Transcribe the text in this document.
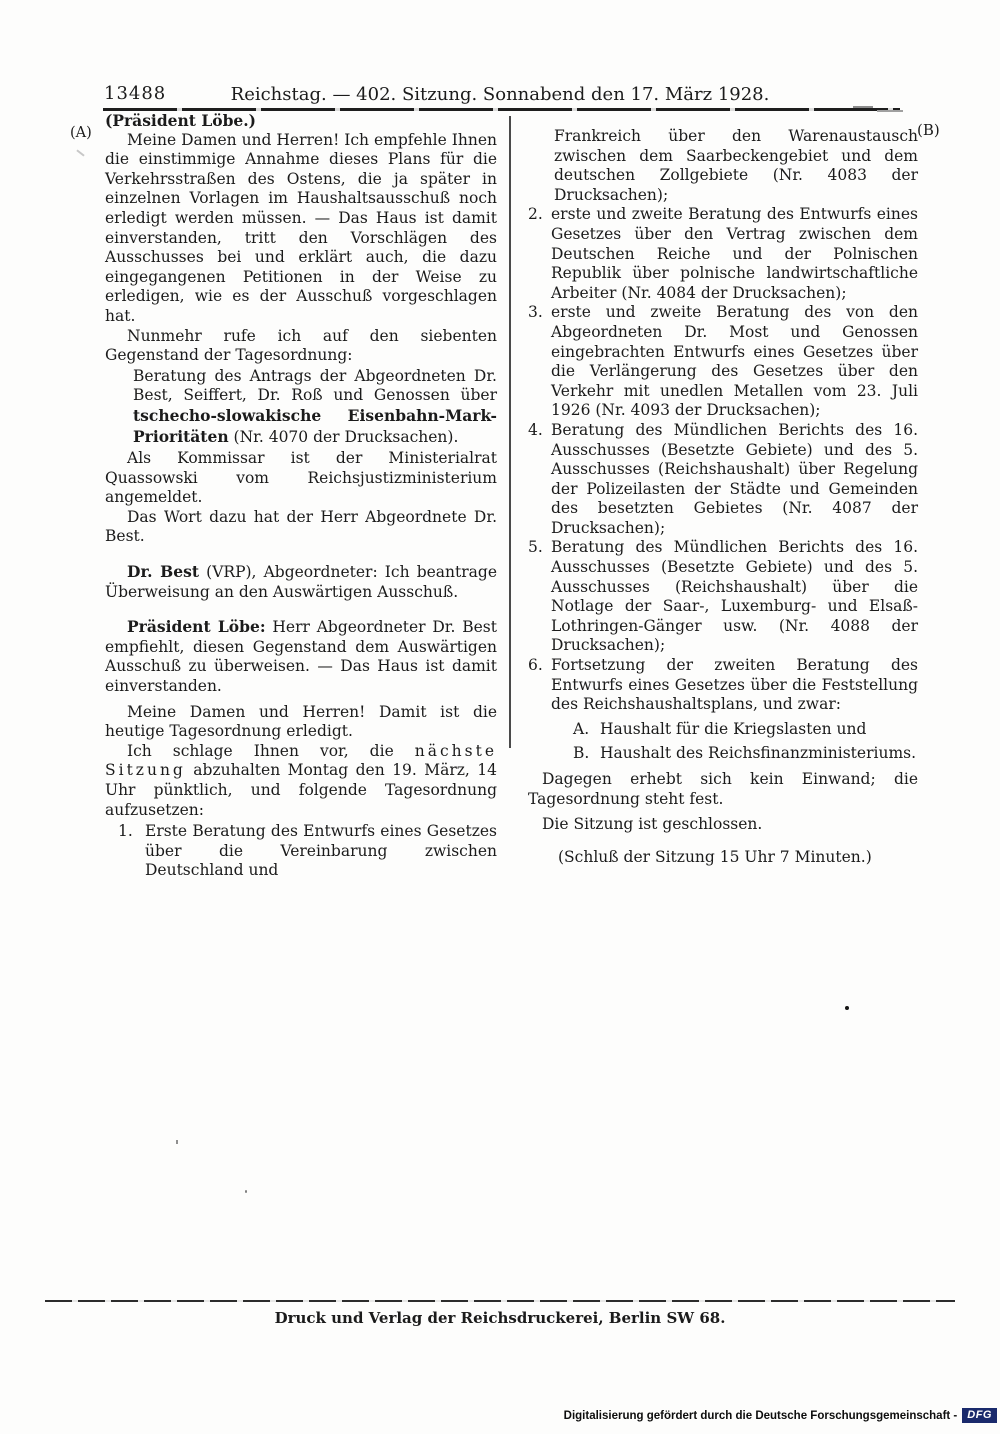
13488	Reichstag. — 402. Sitzung. Sonnabend den 17. März 1928.
(A)	(B)

(Präsident Löbe.)

Meine Damen und Herren! Ich empfehle Ihnen die einstimmige Annahme dieses Plans für die Verkehrsstraßen des Ostens, die ja später in einzelnen Vorlagen im Haushaltsausschuß noch erledigt werden müssen. — Das Haus ist damit einverstanden, tritt den Vorschlägen des Ausschusses bei und erklärt auch, die dazu eingegangenen Petitionen in der Weise zu erledigen, wie es der Ausschuß vorgeschlagen hat.

Nunmehr rufe ich auf den siebenten Gegenstand der Tagesordnung:

Beratung des Antrags der Abgeordneten Dr. Best, Seiffert, Dr. Roß und Genossen über tschecho-slowakische Eisenbahn-Mark-Prioritäten (Nr. 4070 der Drucksachen).

Als Kommissar ist der Ministerialrat Quassowski vom Reichsjustizministerium angemeldet.

Das Wort dazu hat der Herr Abgeordnete Dr. Best.

Dr. Best (VRP), Abgeordneter: Ich beantrage Überweisung an den Auswärtigen Ausschuß.

Präsident Löbe: Herr Abgeordneter Dr. Best empfiehlt, diesen Gegenstand dem Auswärtigen Ausschuß zu überweisen. — Das Haus ist damit einverstanden.

Meine Damen und Herren! Damit ist die heutige Tagesordnung erledigt.

Ich schlage Ihnen vor, die nächste Sitzung abzuhalten Montag den 19. März, 14 Uhr pünktlich, und folgende Tagesordnung aufzusetzen:

1. Erste Beratung des Entwurfs eines Gesetzes über die Vereinbarung zwischen Deutschland und

Frankreich über den Warenaustausch zwischen dem Saarbeckengebiet und dem deutschen Zollgebiete (Nr. 4083 der Drucksachen);

2. erste und zweite Beratung des Entwurfs eines Gesetzes über den Vertrag zwischen dem Deutschen Reiche und der Polnischen Republik über polnische landwirtschaftliche Arbeiter (Nr. 4084 der Drucksachen);

3. erste und zweite Beratung des von den Abgeordneten Dr. Most und Genossen eingebrachten Entwurfs eines Gesetzes über die Verlängerung des Gesetzes über den Verkehr mit unedlen Metallen vom 23. Juli 1926 (Nr. 4093 der Drucksachen);

4. Beratung des Mündlichen Berichts des 16. Ausschusses (Besetzte Gebiete) und des 5. Ausschusses (Reichshaushalt) über Regelung der Polizeilasten der Städte und Gemeinden des besetzten Gebietes (Nr. 4087 der Drucksachen);

5. Beratung des Mündlichen Berichts des 16. Ausschusses (Besetzte Gebiete) und des 5. Ausschusses (Reichshaushalt) über die Notlage der Saar-, Luxemburg- und Elsaß-Lothringen-Gänger usw. (Nr. 4088 der Drucksachen);

6. Fortsetzung der zweiten Beratung des Entwurfs eines Gesetzes über die Feststellung des Reichshaushaltsplans, und zwar:

A. Haushalt für die Kriegslasten und

B. Haushalt des Reichsfinanzministeriums.

Dagegen erhebt sich kein Einwand; die Tagesordnung steht fest.

Die Sitzung ist geschlossen.

(Schluß der Sitzung 15 Uhr 7 Minuten.)

Druck und Verlag der Reichsdruckerei, Berlin SW 68.
Digitalisierung gefördert durch die Deutsche Forschungsgemeinschaft - DFG
